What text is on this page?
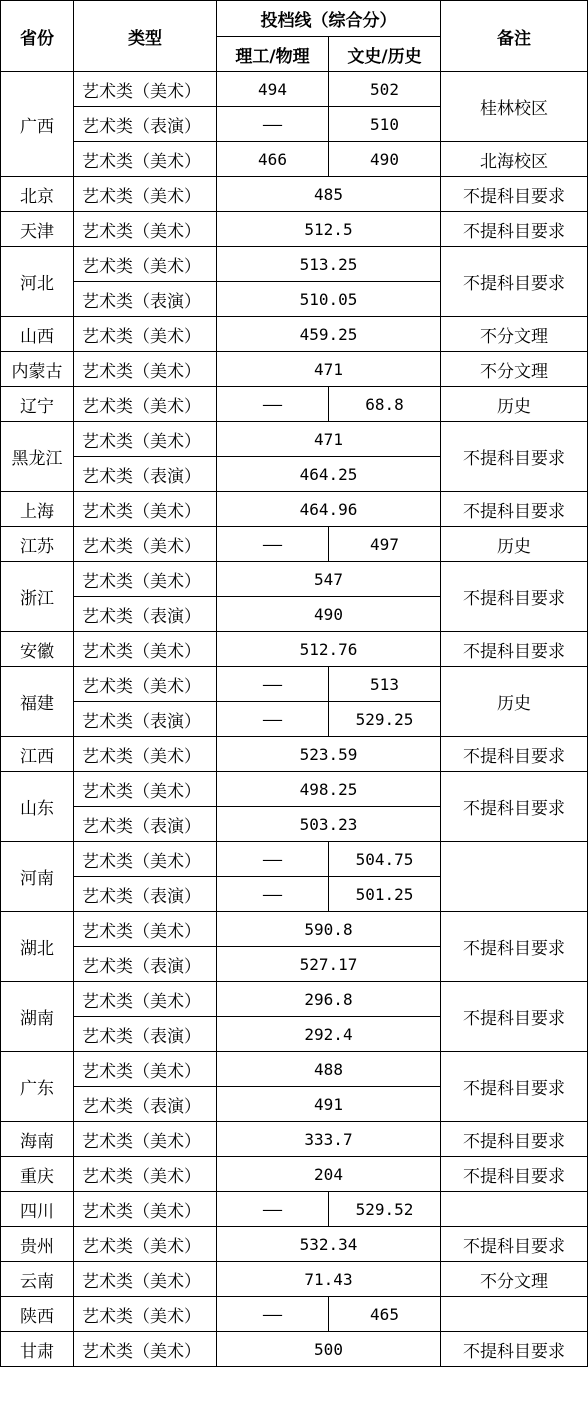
省份	类型	投档线（综合分）		备注
		理工/物理	文史/历史	
广西	艺术类（美术）	494	502	桂林校区
	艺术类（表演）	——	510	
	艺术类（美术）	466	490	北海校区
北京	艺术类（美术）	485		不提科目要求
天津	艺术类（美术）	512.5		不提科目要求
河北	艺术类（美术）	513.25		不提科目要求
	艺术类（表演）	510.05		
山西	艺术类（美术）	459.25		不分文理
内蒙古	艺术类（美术）	471		不分文理
辽宁	艺术类（美术）	——	68.8	历史
黑龙江	艺术类（美术）	471		不提科目要求
	艺术类（表演）	464.25		
上海	艺术类（美术）	464.96		不提科目要求
江苏	艺术类（美术）	——	497	历史
浙江	艺术类（美术）	547		不提科目要求
	艺术类（表演）	490		
安徽	艺术类（美术）	512.76		不提科目要求
福建	艺术类（美术）	——	513	历史
	艺术类（表演）	——	529.25	
江西	艺术类（美术）	523.59		不提科目要求
山东	艺术类（美术）	498.25		不提科目要求
	艺术类（表演）	503.23		
河南	艺术类（美术）	——	504.75	
	艺术类（表演）	——	501.25	
湖北	艺术类（美术）	590.8		不提科目要求
	艺术类（表演）	527.17		
湖南	艺术类（美术）	296.8		不提科目要求
	艺术类（表演）	292.4		
广东	艺术类（美术）	488		不提科目要求
	艺术类（表演）	491		
海南	艺术类（美术）	333.7		不提科目要求
重庆	艺术类（美术）	204		不提科目要求
四川	艺术类（美术）	——	529.52	
贵州	艺术类（美术）	532.34		不提科目要求
云南	艺术类（美术）	71.43		不分文理
陕西	艺术类（美术）	——	465	
甘肃	艺术类（美术）	500		不提科目要求
